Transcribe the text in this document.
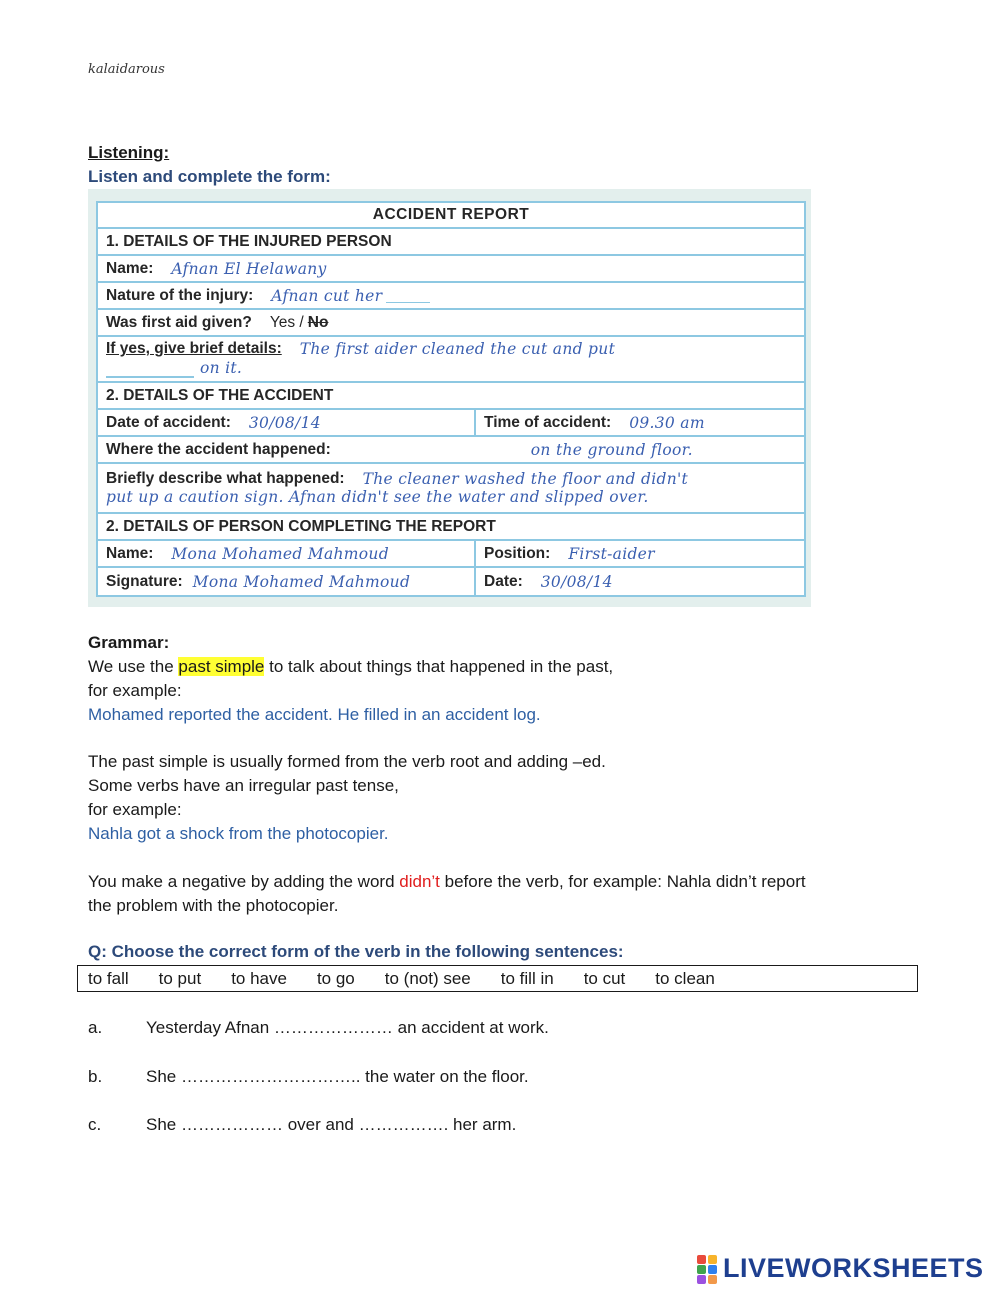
kalaidarous
Listening:
Listen and complete the form:
ACCIDENT REPORT
1. DETAILS OF THE INJURED PERSON
Name: Afnan El Helawany
Nature of the injury: Afnan cut her
Was first aid given? Yes / No
If yes, give brief details: The first aider cleaned the cut and put
on it.
2. DETAILS OF THE ACCIDENT
Date of accident: 30/08/14	Time of accident: 09.30 am
Where the accident happened:	on the ground floor.
Briefly describe what happened: The cleaner washed the floor and didn't
put up a caution sign. Afnan didn't see the water and slipped over.
2. DETAILS OF PERSON COMPLETING THE REPORT
Name: Mona Mohamed Mahmoud	Position: First-aider
Signature: Mona Mohamed Mahmoud	Date: 30/08/14
Grammar:
We use the past simple to talk about things that happened in the past,
for example:
Mohamed reported the accident. He filled in an accident log.
The past simple is usually formed from the verb root and adding –ed.
Some verbs have an irregular past tense,
for example:
Nahla got a shock from the photocopier.
You make a negative by adding the word didn’t before the verb, for example: Nahla didn’t report
the problem with the photocopier.
Q: Choose the correct form of the verb in the following sentences:
to fall to put to have to go to (not) see to fill in to cut to clean
a.	Yesterday Afnan ………………… an accident at work.
b.	She ………………………….. the water on the floor.
c.	She ……………… over and ……………. her arm.
LIVEWORKSHEETS
